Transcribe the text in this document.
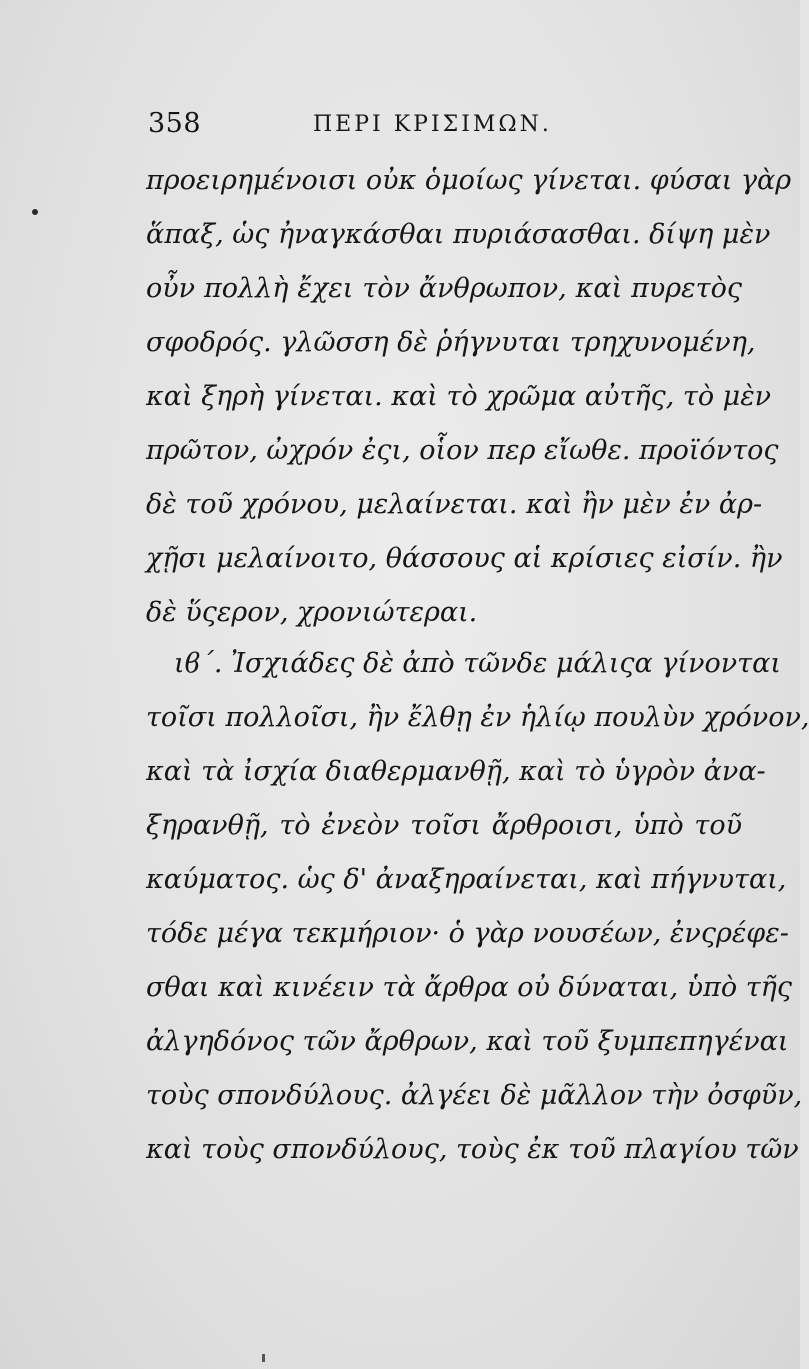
358	ΠΕΡΙ ΚΡΙΣΙΜΩΝ.
προειρημένοισι οὐκ ὁμοίως γίνεται. φύσαι γὰρ
ἅπαξ, ὡς ἠναγκάσθαι πυριάσασθαι. δίψη μὲν
οὖν πολλὴ ἔχει τὸν ἄνθρωπον, καὶ πυρετὸς
σφοδρός. γλῶσση δὲ ῥήγνυται τρηχυνομένη,
καὶ ξηρὴ γίνεται. καὶ τὸ χρῶμα αὐτῆς, τὸ μὲν
πρῶτον, ὠχρόν ἐςι, οἷον περ εἴωθε. προϊόντος
δὲ τοῦ χρόνου, μελαίνεται. καὶ ἢν μὲν ἐν ἀρ-
χῇσι μελαίνοιτο, θάσσους αἱ κρίσιες εἰσίν. ἢν
δὲ ὕςερον, χρονιώτεραι.
ιϐ΄. Ἰσχιάδες δὲ ἀπὸ τῶνδε μάλιςα γίνονται
τοῖσι πολλοῖσι, ἢν ἔλθῃ ἐν ἡλίῳ πουλὺν χρόνον,
καὶ τὰ ἰσχία διαθερμανθῇ, καὶ τὸ ὑγρὸν ἀνα-
ξηρανθῇ, τὸ ἐνεὸν τοῖσι ἄρθροισι, ὑπὸ τοῦ
καύματος. ὡς δ' ἀναξηραίνεται, καὶ πήγνυται,
τόδε μέγα τεκμήριον· ὁ γὰρ νουσέων, ἐνςρέφε-
σθαι καὶ κινέειν τὰ ἄρθρα οὐ δύναται, ὑπὸ τῆς
ἀλγηδόνος τῶν ἄρθρων, καὶ τοῦ ξυμπεπηγέναι
τοὺς σπονδύλους. ἀλγέει δὲ μᾶλλον τὴν ὀσφῦν,
καὶ τοὺς σπονδύλους, τοὺς ἐκ τοῦ πλαγίου τῶν
